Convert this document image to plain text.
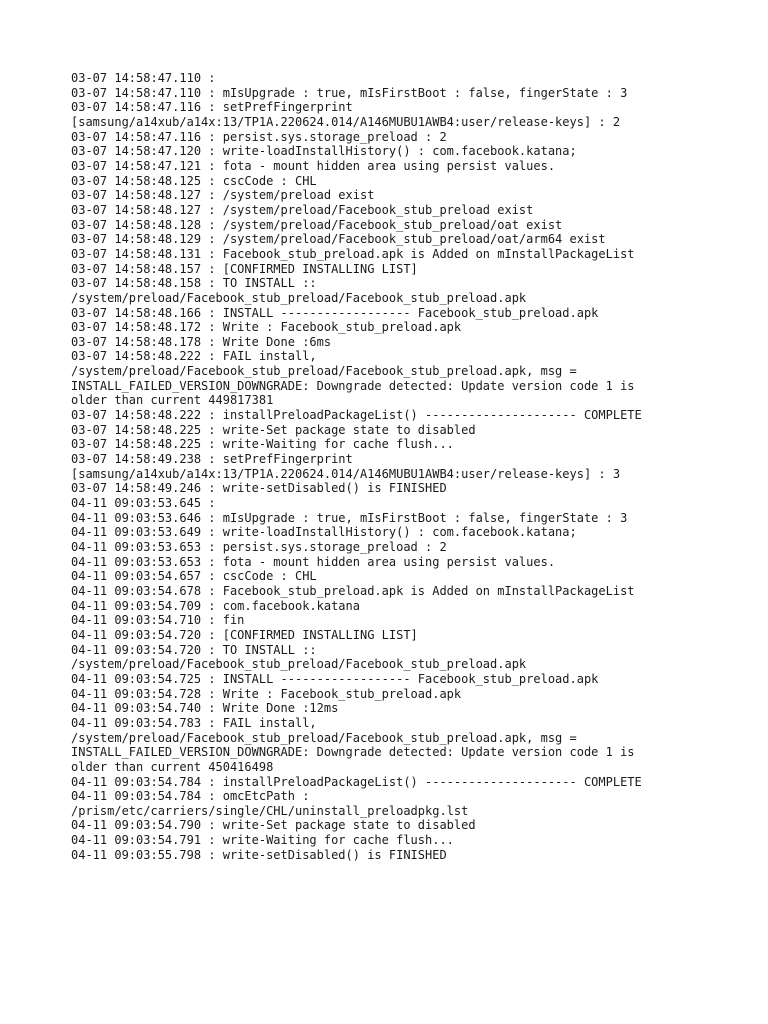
03-07 14:58:47.110 :
03-07 14:58:47.110 : mIsUpgrade : true, mIsFirstBoot : false, fingerState : 3
03-07 14:58:47.116 : setPrefFingerprint
[samsung/a14xub/a14x:13/TP1A.220624.014/A146MUBU1AWB4:user/release-keys] : 2
03-07 14:58:47.116 : persist.sys.storage_preload : 2
03-07 14:58:47.120 : write-loadInstallHistory() : com.facebook.katana;
03-07 14:58:47.121 : fota - mount hidden area using persist values.
03-07 14:58:48.125 : cscCode : CHL
03-07 14:58:48.127 : /system/preload exist
03-07 14:58:48.127 : /system/preload/Facebook_stub_preload exist
03-07 14:58:48.128 : /system/preload/Facebook_stub_preload/oat exist
03-07 14:58:48.129 : /system/preload/Facebook_stub_preload/oat/arm64 exist
03-07 14:58:48.131 : Facebook_stub_preload.apk is Added on mInstallPackageList
03-07 14:58:48.157 : [CONFIRMED INSTALLING LIST]
03-07 14:58:48.158 : TO INSTALL ::
/system/preload/Facebook_stub_preload/Facebook_stub_preload.apk
03-07 14:58:48.166 : INSTALL ------------------ Facebook_stub_preload.apk
03-07 14:58:48.172 : Write : Facebook_stub_preload.apk
03-07 14:58:48.178 : Write Done :6ms
03-07 14:58:48.222 : FAIL install,
/system/preload/Facebook_stub_preload/Facebook_stub_preload.apk, msg =
INSTALL_FAILED_VERSION_DOWNGRADE: Downgrade detected: Update version code 1 is
older than current 449817381
03-07 14:58:48.222 : installPreloadPackageList() --------------------- COMPLETE
03-07 14:58:48.225 : write-Set package state to disabled
03-07 14:58:48.225 : write-Waiting for cache flush...
03-07 14:58:49.238 : setPrefFingerprint
[samsung/a14xub/a14x:13/TP1A.220624.014/A146MUBU1AWB4:user/release-keys] : 3
03-07 14:58:49.246 : write-setDisabled() is FINISHED
04-11 09:03:53.645 :
04-11 09:03:53.646 : mIsUpgrade : true, mIsFirstBoot : false, fingerState : 3
04-11 09:03:53.649 : write-loadInstallHistory() : com.facebook.katana;
04-11 09:03:53.653 : persist.sys.storage_preload : 2
04-11 09:03:53.653 : fota - mount hidden area using persist values.
04-11 09:03:54.657 : cscCode : CHL
04-11 09:03:54.678 : Facebook_stub_preload.apk is Added on mInstallPackageList
04-11 09:03:54.709 : com.facebook.katana
04-11 09:03:54.710 : fin
04-11 09:03:54.720 : [CONFIRMED INSTALLING LIST]
04-11 09:03:54.720 : TO INSTALL ::
/system/preload/Facebook_stub_preload/Facebook_stub_preload.apk
04-11 09:03:54.725 : INSTALL ------------------ Facebook_stub_preload.apk
04-11 09:03:54.728 : Write : Facebook_stub_preload.apk
04-11 09:03:54.740 : Write Done :12ms
04-11 09:03:54.783 : FAIL install,
/system/preload/Facebook_stub_preload/Facebook_stub_preload.apk, msg =
INSTALL_FAILED_VERSION_DOWNGRADE: Downgrade detected: Update version code 1 is
older than current 450416498
04-11 09:03:54.784 : installPreloadPackageList() --------------------- COMPLETE
04-11 09:03:54.784 : omcEtcPath :
/prism/etc/carriers/single/CHL/uninstall_preloadpkg.lst
04-11 09:03:54.790 : write-Set package state to disabled
04-11 09:03:54.791 : write-Waiting for cache flush...
04-11 09:03:55.798 : write-setDisabled() is FINISHED
